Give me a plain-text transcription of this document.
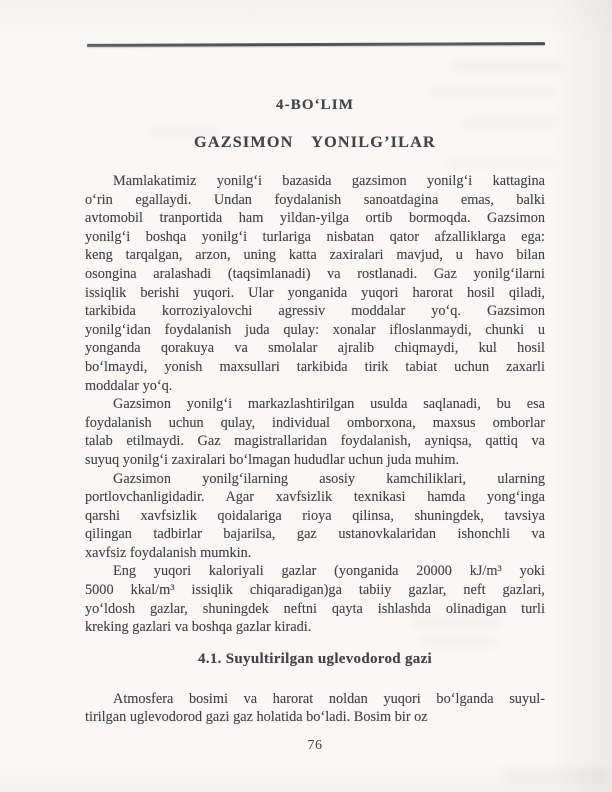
4-BO‘LIM
GAZSIMON YONILG’ILAR
Mamlakatimiz yonilg‘i bazasida gazsimon yonilg‘i kattagina
o‘rin egallaydi. Undan foydalanish sanoatdagina emas, balki
avtomobil tranportida ham yildan-yilga ortib bormoqda. Gazsimon
yonilg‘i boshqa yonilg‘i turlariga nisbatan qator afzalliklarga ega:
keng tarqalgan, arzon, uning katta zaxiralari mavjud, u havo bilan
osongina aralashadi (taqsimlanadi) va rostlanadi. Gaz yonilg‘ilarni
issiqlik berishi yuqori. Ular yonganida yuqori harorat hosil qiladi,
tarkibida korroziyalovchi agressiv moddalar yo‘q. Gazsimon
yonilg‘idan foydalanish juda qulay: xonalar ifloslanmaydi, chunki u
yonganda qorakuya va smolalar ajralib chiqmaydi, kul hosil
bo‘lmaydi, yonish maxsullari tarkibida tirik tabiat uchun zaxarli
moddalar yo‘q.
Gazsimon yonilg‘i markazlashtirilgan usulda saqlanadi, bu esa
foydalanish uchun qulay, individual omborxona, maxsus omborlar
talab etilmaydi. Gaz magistrallaridan foydalanish, ayniqsa, qattiq va
suyuq yonilg‘i zaxiralari bo‘lmagan hududlar uchun juda muhim.
Gazsimon yonilg‘ilarning asosiy kamchiliklari, ularning
portlovchanligidadir. Agar xavfsizlik texnikasi hamda yong‘inga
qarshi xavfsizlik qoidalariga rioya qilinsa, shuningdek, tavsiya
qilingan tadbirlar bajarilsa, gaz ustanovkalaridan ishonchli va
xavfsiz foydalanish mumkin.
Eng yuqori kaloriyali gazlar (yonganida 20000 kJ/m³ yoki
5000 kkal/m³ issiqlik chiqaradigan)ga tabiiy gazlar, neft gazlari,
yo‘ldosh gazlar, shuningdek neftni qayta ishlashda olinadigan turli
kreking gazlari va boshqa gazlar kiradi.
4.1. Suyultirilgan uglevodorod gazi
Atmosfera bosimi va harorat noldan yuqori bo‘lganda suyul-
tirilgan uglevodorod gazi gaz holatida bo‘ladi. Bosim bir oz
76
